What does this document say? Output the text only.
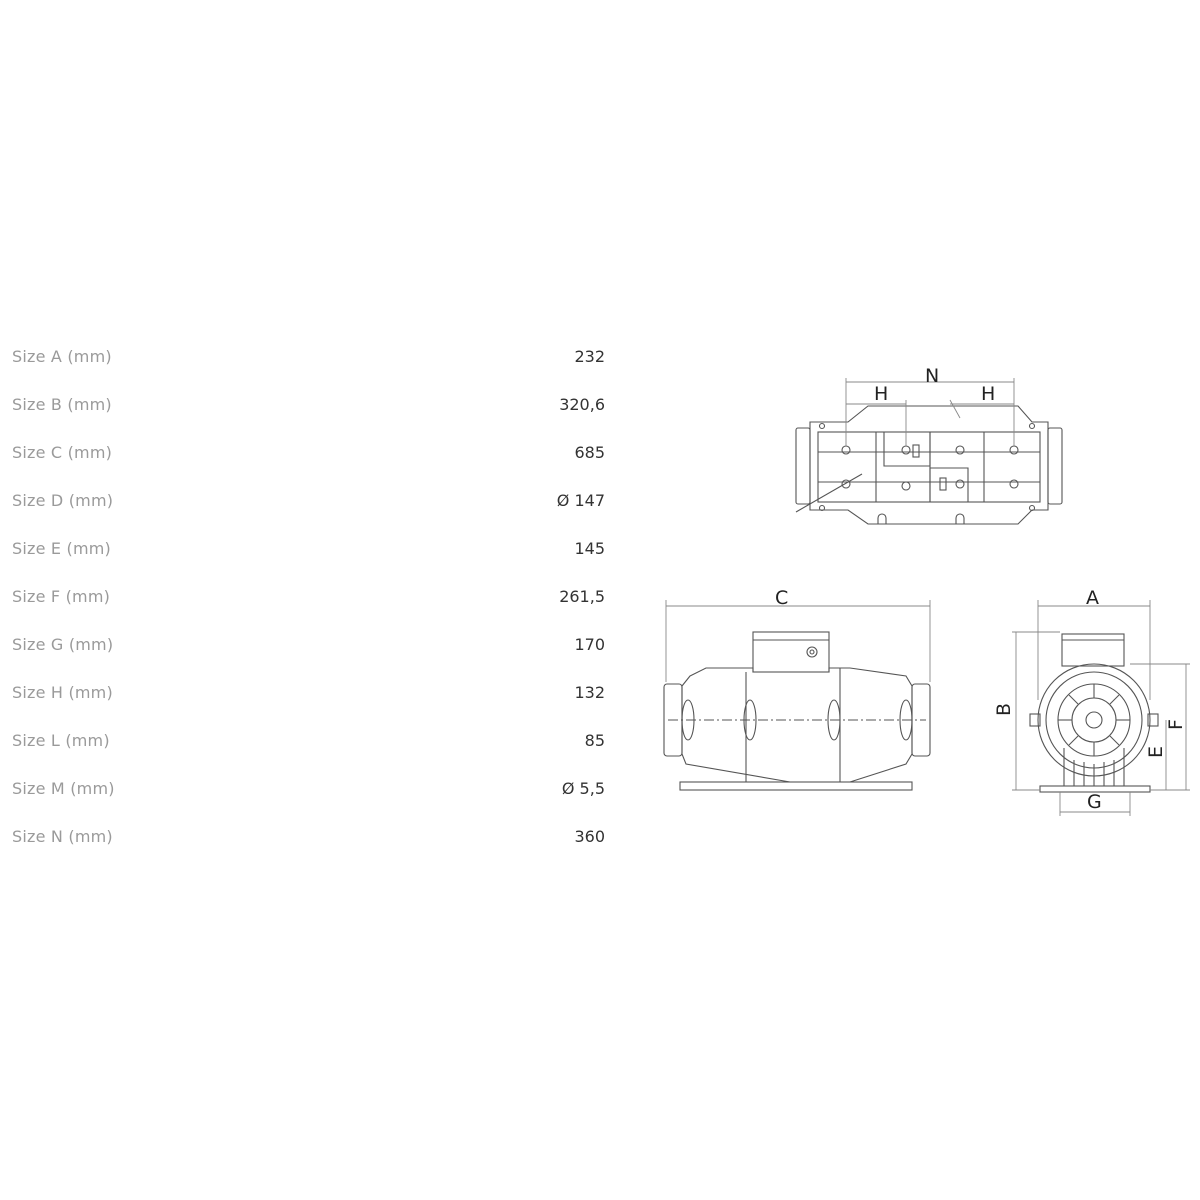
Size A (mm)	232
Size B (mm)	320,6
Size C (mm)	685
Size D (mm)	Ø 147
Size E (mm)	145
Size F (mm)	261,5
Size G (mm)	170
Size H (mm)	132
Size L (mm)	85
Size M (mm)	Ø 5,5
Size N (mm)	360
N
H	H
C	A
B
F
E
G
